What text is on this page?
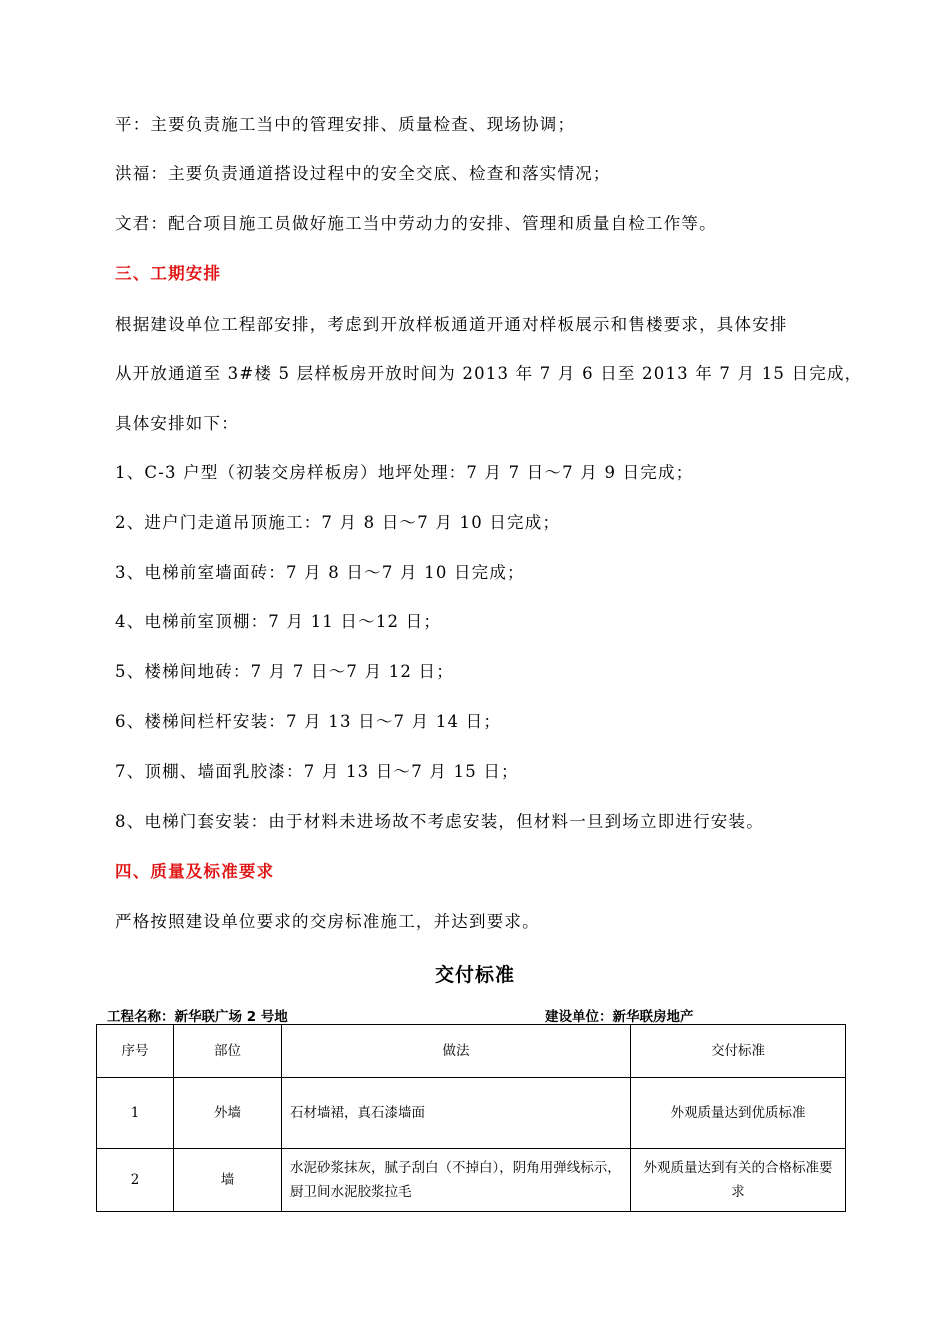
平：主要负责施工当中的管理安排、质量检查、现场协调；
洪福：主要负责通道搭设过程中的安全交底、检查和落实情况；
文君：配合项目施工员做好施工当中劳动力的安排、管理和质量自检工作等。
三、工期安排
根据建设单位工程部安排，考虑到开放样板通道开通对样板展示和售楼要求，具体安排
从开放通道至 3#楼 5 层样板房开放时间为 2013 年 7 月 6 日至 2013 年 7 月 15 日完成，
具体安排如下：
1、C-3 户型（初装交房样板房）地坪处理：7 月 7 日～7 月 9 日完成；
2、进户门走道吊顶施工：7 月 8 日～7 月 10 日完成；
3、电梯前室墙面砖：7 月 8 日～7 月 10 日完成；
4、电梯前室顶棚：7 月 11 日～12 日；
5、楼梯间地砖：7 月 7 日～7 月 12 日；
6、楼梯间栏杆安装：7 月 13 日～7 月 14 日；
7、顶棚、墙面乳胶漆：7 月 13 日～7 月 15 日；
8、电梯门套安装：由于材料未进场故不考虑安装，但材料一旦到场立即进行安装。
四、质量及标准要求
严格按照建设单位要求的交房标准施工，并达到要求。
交付标准
工程名称：新华联广场 2 号地	建设单位：新华联房地产
序号	部位	做法	交付标准
1	外墙	石材墙裙，真石漆墙面	外观质量达到优质标准
2	墙	水泥砂浆抹灰，腻子刮白（不掉白），阴角用弹线标示，厨卫间水泥胶浆拉毛	外观质量达到有关的合格标准要求
